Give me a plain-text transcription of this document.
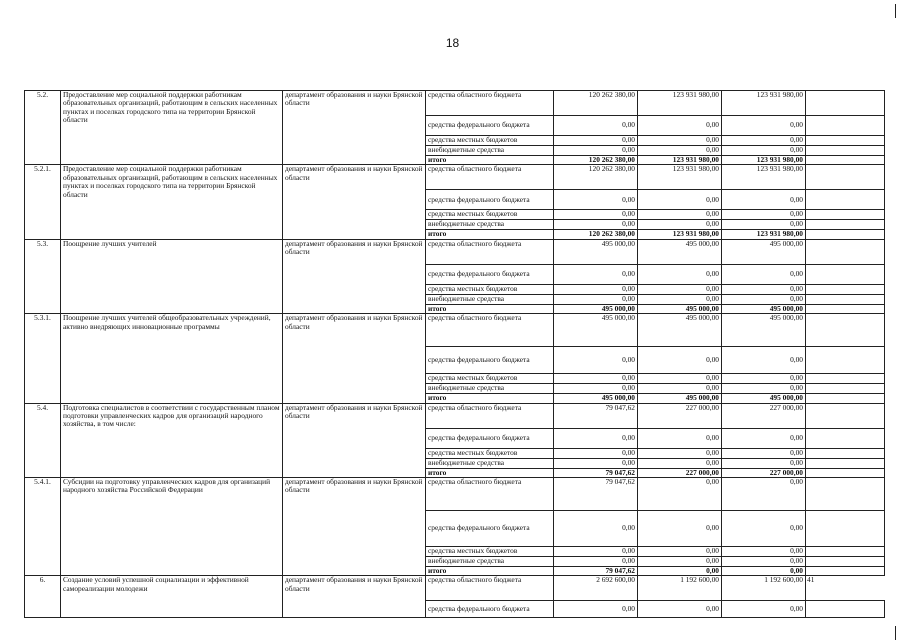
18
5.2.	Предоставление мер социальной поддержки работникам образовательных организаций, работающим в сельских населенных пунктах и поселках городского типа на территории Брянской области	департамент образования и науки Брянской области	средства областного бюджета	120 262 380,00	123 931 980,00	123 931 980,00	
			средства федерального бюджета	0,00	0,00	0,00	
			средства местных бюджетов	0,00	0,00	0,00	
			внебюджетные средства	0,00	0,00	0,00	
			итого	120 262 380,00	123 931 980,00	123 931 980,00	
5.2.1.	Предоставление мер социальной поддержки работникам образовательных организаций, работающим в сельских населенных пунктах и поселках городского типа на территории Брянской области	департамент образования и науки Брянской области	средства областного бюджета	120 262 380,00	123 931 980,00	123 931 980,00	
			средства федерального бюджета	0,00	0,00	0,00	
			средства местных бюджетов	0,00	0,00	0,00	
			внебюджетные средства	0,00	0,00	0,00	
			итого	120 262 380,00	123 931 980,00	123 931 980,00	
5.3.	Поощрение лучших учителей	департамент образования и науки Брянской области	средства областного бюджета	495 000,00	495 000,00	495 000,00	
			средства федерального бюджета	0,00	0,00	0,00	
			средства местных бюджетов	0,00	0,00	0,00	
			внебюджетные средства	0,00	0,00	0,00	
			итого	495 000,00	495 000,00	495 000,00	
5.3.1.	Поощрение лучших учителей общеобразовательных учреждений, активно внедряющих инновационные программы	департамент образования и науки Брянской области	средства областного бюджета	495 000,00	495 000,00	495 000,00	
			средства федерального бюджета	0,00	0,00	0,00	
			средства местных бюджетов	0,00	0,00	0,00	
			внебюджетные средства	0,00	0,00	0,00	
			итого	495 000,00	495 000,00	495 000,00	
5.4.	Подготовка специалистов в соответствии с государственным планом подготовки управленческих кадров для организаций народного хозяйства, в том числе:	департамент образования и науки Брянской области	средства областного бюджета	79 047,62	227 000,00	227 000,00	
			средства федерального бюджета	0,00	0,00	0,00	
			средства местных бюджетов	0,00	0,00	0,00	
			внебюджетные средства	0,00	0,00	0,00	
			итого	79 047,62	227 000,00	227 000,00	
5.4.1.	Субсидии на подготовку управленческих кадров для организаций народного хозяйства Российской Федерации	департамент образования и науки Брянской области	средства областного бюджета	79 047,62	0,00	0,00	
			средства федерального бюджета	0,00	0,00	0,00	
			средства местных бюджетов	0,00	0,00	0,00	
			внебюджетные средства	0,00	0,00	0,00	
			итого	79 047,62	0,00	0,00	
6.	Создание условий успешной социализации и эффективной самореализации молодежи	департамент образования и науки Брянской области	средства областного бюджета	2 692 600,00	1 192 600,00	1 192 600,00	41
			средства федерального бюджета	0,00	0,00	0,00	
